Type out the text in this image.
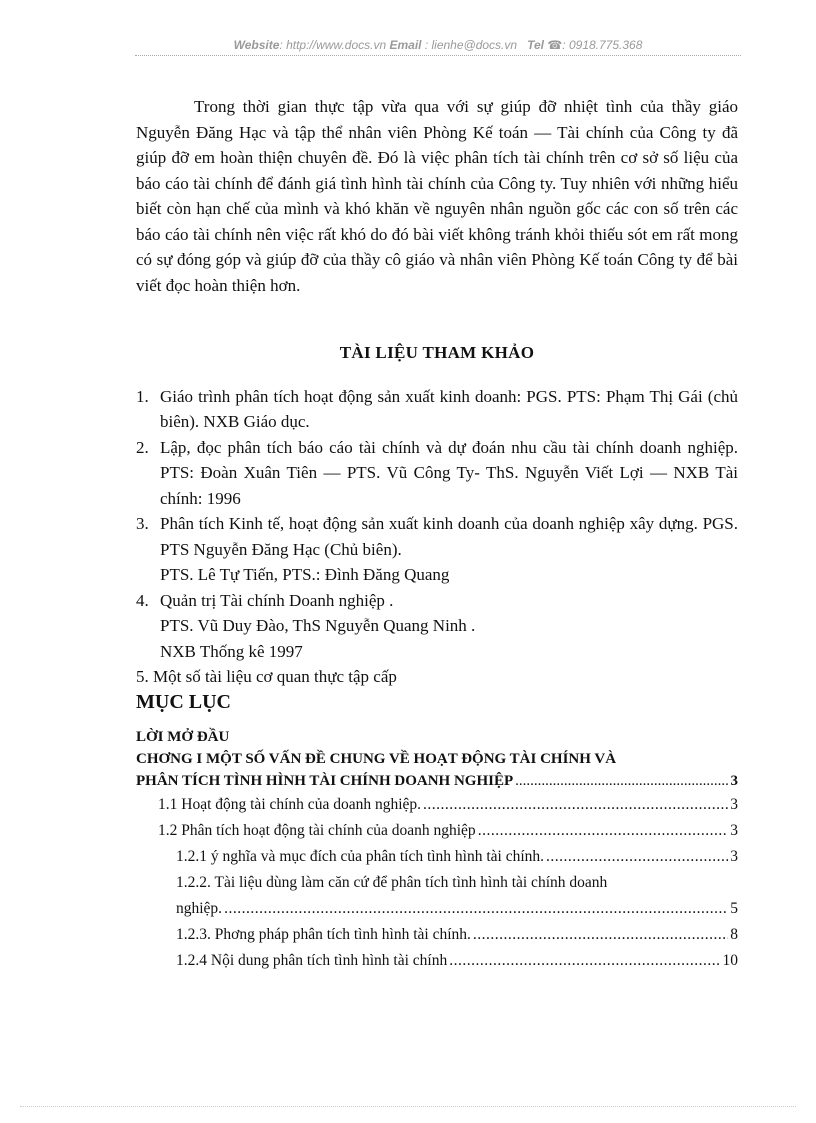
Website: http://www.docs.vn Email : lienhe@docs.vn Tel ☎: 0918.775.368

Trong thời gian thực tập vừa qua với sự giúp đỡ nhiệt tình của thầy giáo Nguyễn Đăng Hạc và tập thể nhân viên Phòng Kế toán — Tài chính của Công ty đã giúp đỡ em hoàn thiện chuyên đề. Đó là việc phân tích tài chính trên cơ sở số liệu của báo cáo tài chính để đánh giá tình hình tài chính của Công ty. Tuy nhiên với những hiểu biết còn hạn chế của mình và khó khăn về nguyên nhân nguồn gốc các con số trên các báo cáo tài chính nên việc rất khó do đó bài viết không tránh khỏi thiếu sót em rất mong có sự đóng góp và giúp đỡ của thầy cô giáo và nhân viên Phòng Kế toán Công ty để bài viết đọc hoàn thiện hơn.

TÀI LIỆU THAM KHẢO
1. Giáo trình phân tích hoạt động sản xuất kinh doanh: PGS. PTS: Phạm Thị Gái (chủ biên). NXB Giáo dục.
2. Lập, đọc phân tích báo cáo tài chính và dự đoán nhu cầu tài chính doanh nghiệp. PTS: Đoàn Xuân Tiên — PTS. Vũ Công Ty- ThS. Nguyễn Viết Lợi — NXB Tài chính: 1996
3. Phân tích Kinh tế, hoạt động sản xuất kinh doanh của doanh nghiệp xây dựng. PGS. PTS Nguyễn Đăng Hạc (Chủ biên).
PTS. Lê Tự Tiến, PTS.: Đình Đăng Quang
4. Quản trị Tài chính Doanh nghiệp .
PTS. Vũ Duy Đào, ThS Nguyễn Quang Ninh .
NXB Thống kê 1997

5. Một số tài liệu cơ quan thực tập cấp

MỤC LỤC
LỜI MỞ ĐẦU

CHƠNG I MỘT SỐ VẤN ĐỀ CHUNG VỀ HOẠT ĐỘNG TÀI CHÍNH VÀ

PHÂN TÍCH TÌNH HÌNH TÀI CHÍNH DOANH NGHIỆP .....	3
1.1 Hoạt động tài chính của doanh nghiệp. .....	3
1.2 Phân tích hoạt động tài chính của doanh nghiệp .....	3
1.2.1 ý nghĩa và mục đích của phân tích tình hình tài chính. .....	3

1.2.2. Tài liệu dùng làm căn cứ để phân tích tình hình tài chính doanh

nghiệp. .....	5
1.2.3. Phơng pháp phân tích tình hình tài chính. .....	8
1.2.4 Nội dung phân tích tình hình tài chính .....	10
